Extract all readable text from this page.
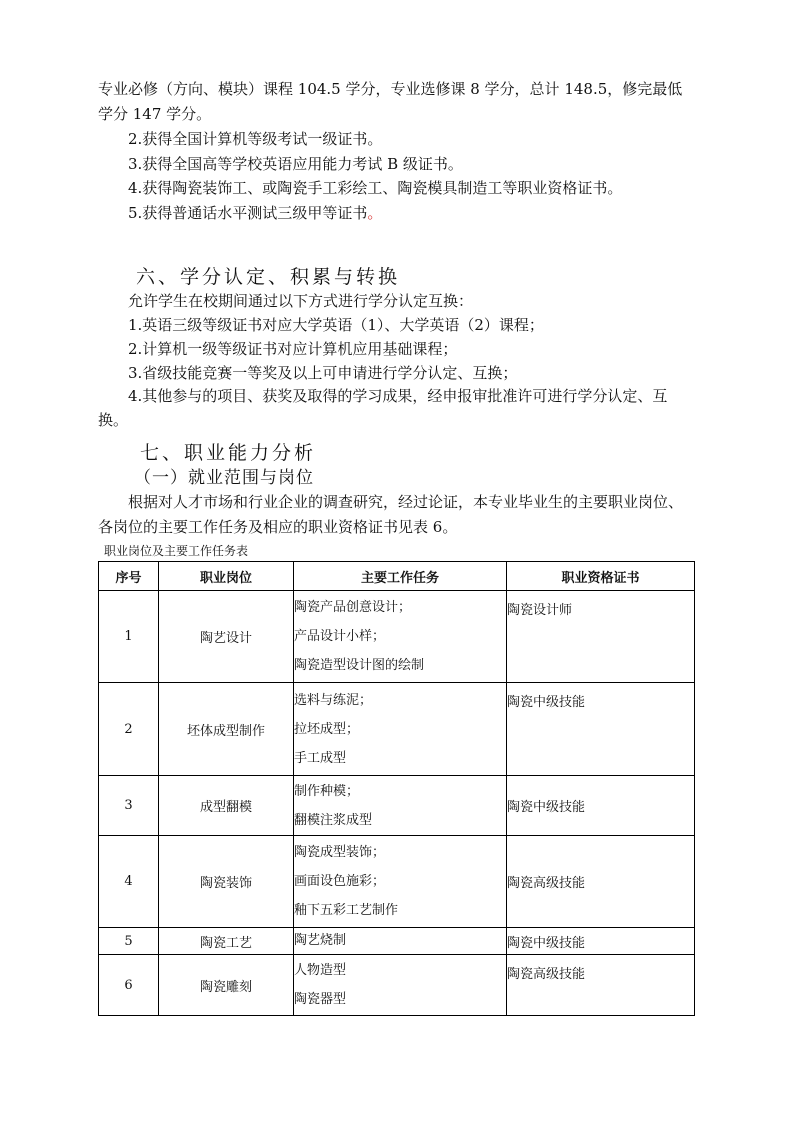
专业必修（方向、模块）课程 104.5 学分，专业选修课 8 学分，总计 148.5，修完最低
学分 147 学分。
2.获得全国计算机等级考试一级证书。
3.获得全国高等学校英语应用能力考试 B 级证书。
4.获得陶瓷装饰工、或陶瓷手工彩绘工、陶瓷模具制造工等职业资格证书。
5.获得普通话水平测试三级甲等证书。
六、学分认定、积累与转换
允许学生在校期间通过以下方式进行学分认定互换：
1.英语三级等级证书对应大学英语（1）、大学英语（2）课程；
2.计算机一级等级证书对应计算机应用基础课程；
3.省级技能竞赛一等奖及以上可申请进行学分认定、互换；
4.其他参与的项目、获奖及取得的学习成果，经申报审批准许可进行学分认定、互
换。
七、职业能力分析
（一）就业范围与岗位
根据对人才市场和行业企业的调查研究，经过论证，本专业毕业生的主要职业岗位、
各岗位的主要工作任务及相应的职业资格证书见表 6。
职业岗位及主要工作任务表
序号	职业岗位	主要工作任务	职业资格证书
1	陶艺设计	陶瓷产品创意设计；
产品设计小样；
陶瓷造型设计图的绘制	陶瓷设计师
2	坯体成型制作	选料与练泥；
拉坯成型；
手工成型	陶瓷中级技能
3	成型翻模	制作种模；
翻模注浆成型	陶瓷中级技能
4	陶瓷装饰	陶瓷成型装饰；
画面设色施彩；
釉下五彩工艺制作	陶瓷高级技能
5	陶瓷工艺	陶艺烧制	陶瓷中级技能
6	陶瓷雕刻	人物造型
陶瓷器型	陶瓷高级技能
